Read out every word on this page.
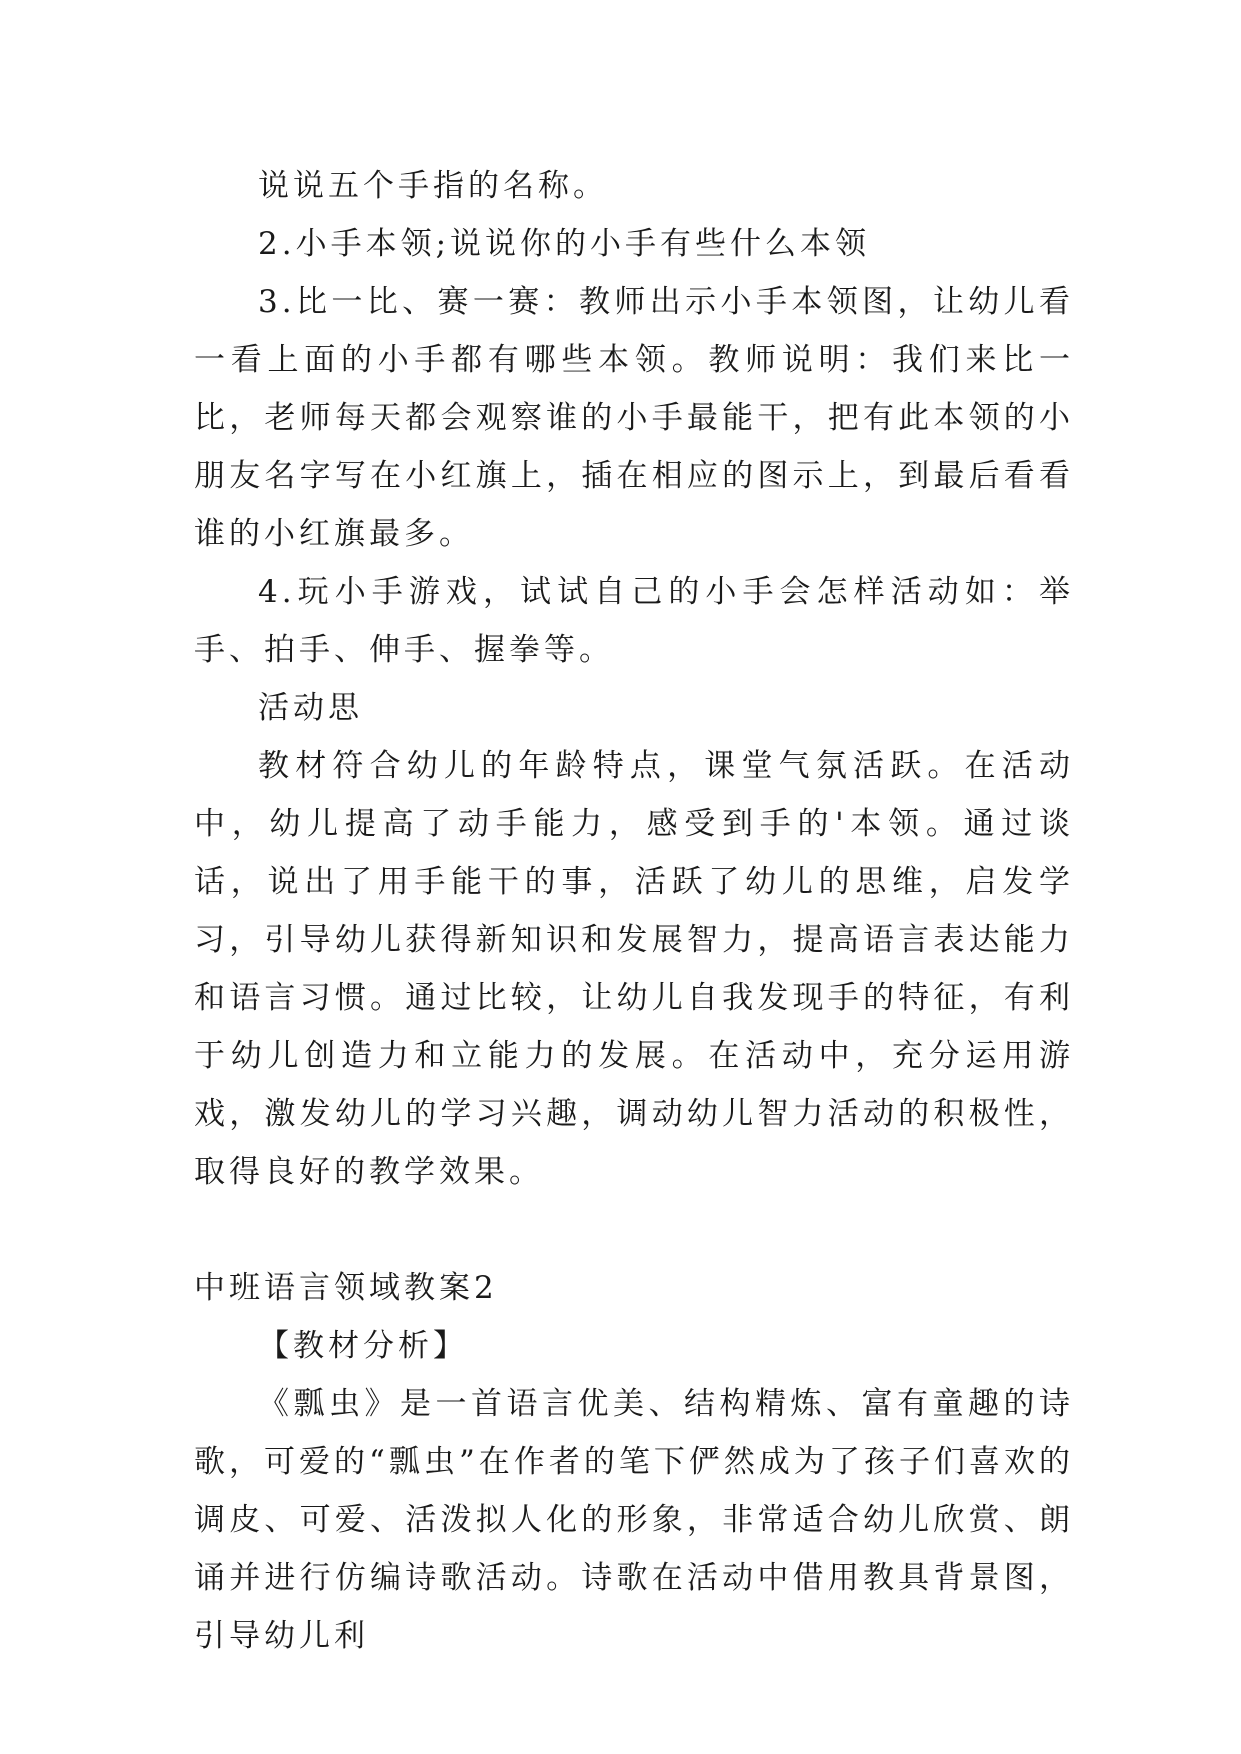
说说五个手指的名称。

2.小手本领;说说你的小手有些什么本领

3.比一比、赛一赛：教师出示小手本领图，让幼儿看一看上面的小手都有哪些本领。教师说明：我们来比一比，老师每天都会观察谁的小手最能干，把有此本领的小朋友名字写在小红旗上，插在相应的图示上，到最后看看谁的小红旗最多。

4.玩小手游戏，试试自己的小手会怎样活动如：举手、拍手、伸手、握拳等。

活动思

教材符合幼儿的年龄特点，课堂气氛活跃。在活动中，幼儿提高了动手能力，感受到手的'本领。通过谈话，说出了用手能干的事，活跃了幼儿的思维，启发学习，引导幼儿获得新知识和发展智力，提高语言表达能力和语言习惯。通过比较，让幼儿自我发现手的特征，有利于幼儿创造力和立能力的发展。在活动中，充分运用游戏，激发幼儿的学习兴趣，调动幼儿智力活动的积极性，取得良好的教学效果。

中班语言领域教案2

【教材分析】

《瓢虫》是一首语言优美、结构精炼、富有童趣的诗歌，可爱的“瓢虫”在作者的笔下俨然成为了孩子们喜欢的调皮、可爱、活泼拟人化的形象，非常适合幼儿欣赏、朗诵并进行仿编诗歌活动。诗歌在活动中借用教具背景图，引导幼儿利
